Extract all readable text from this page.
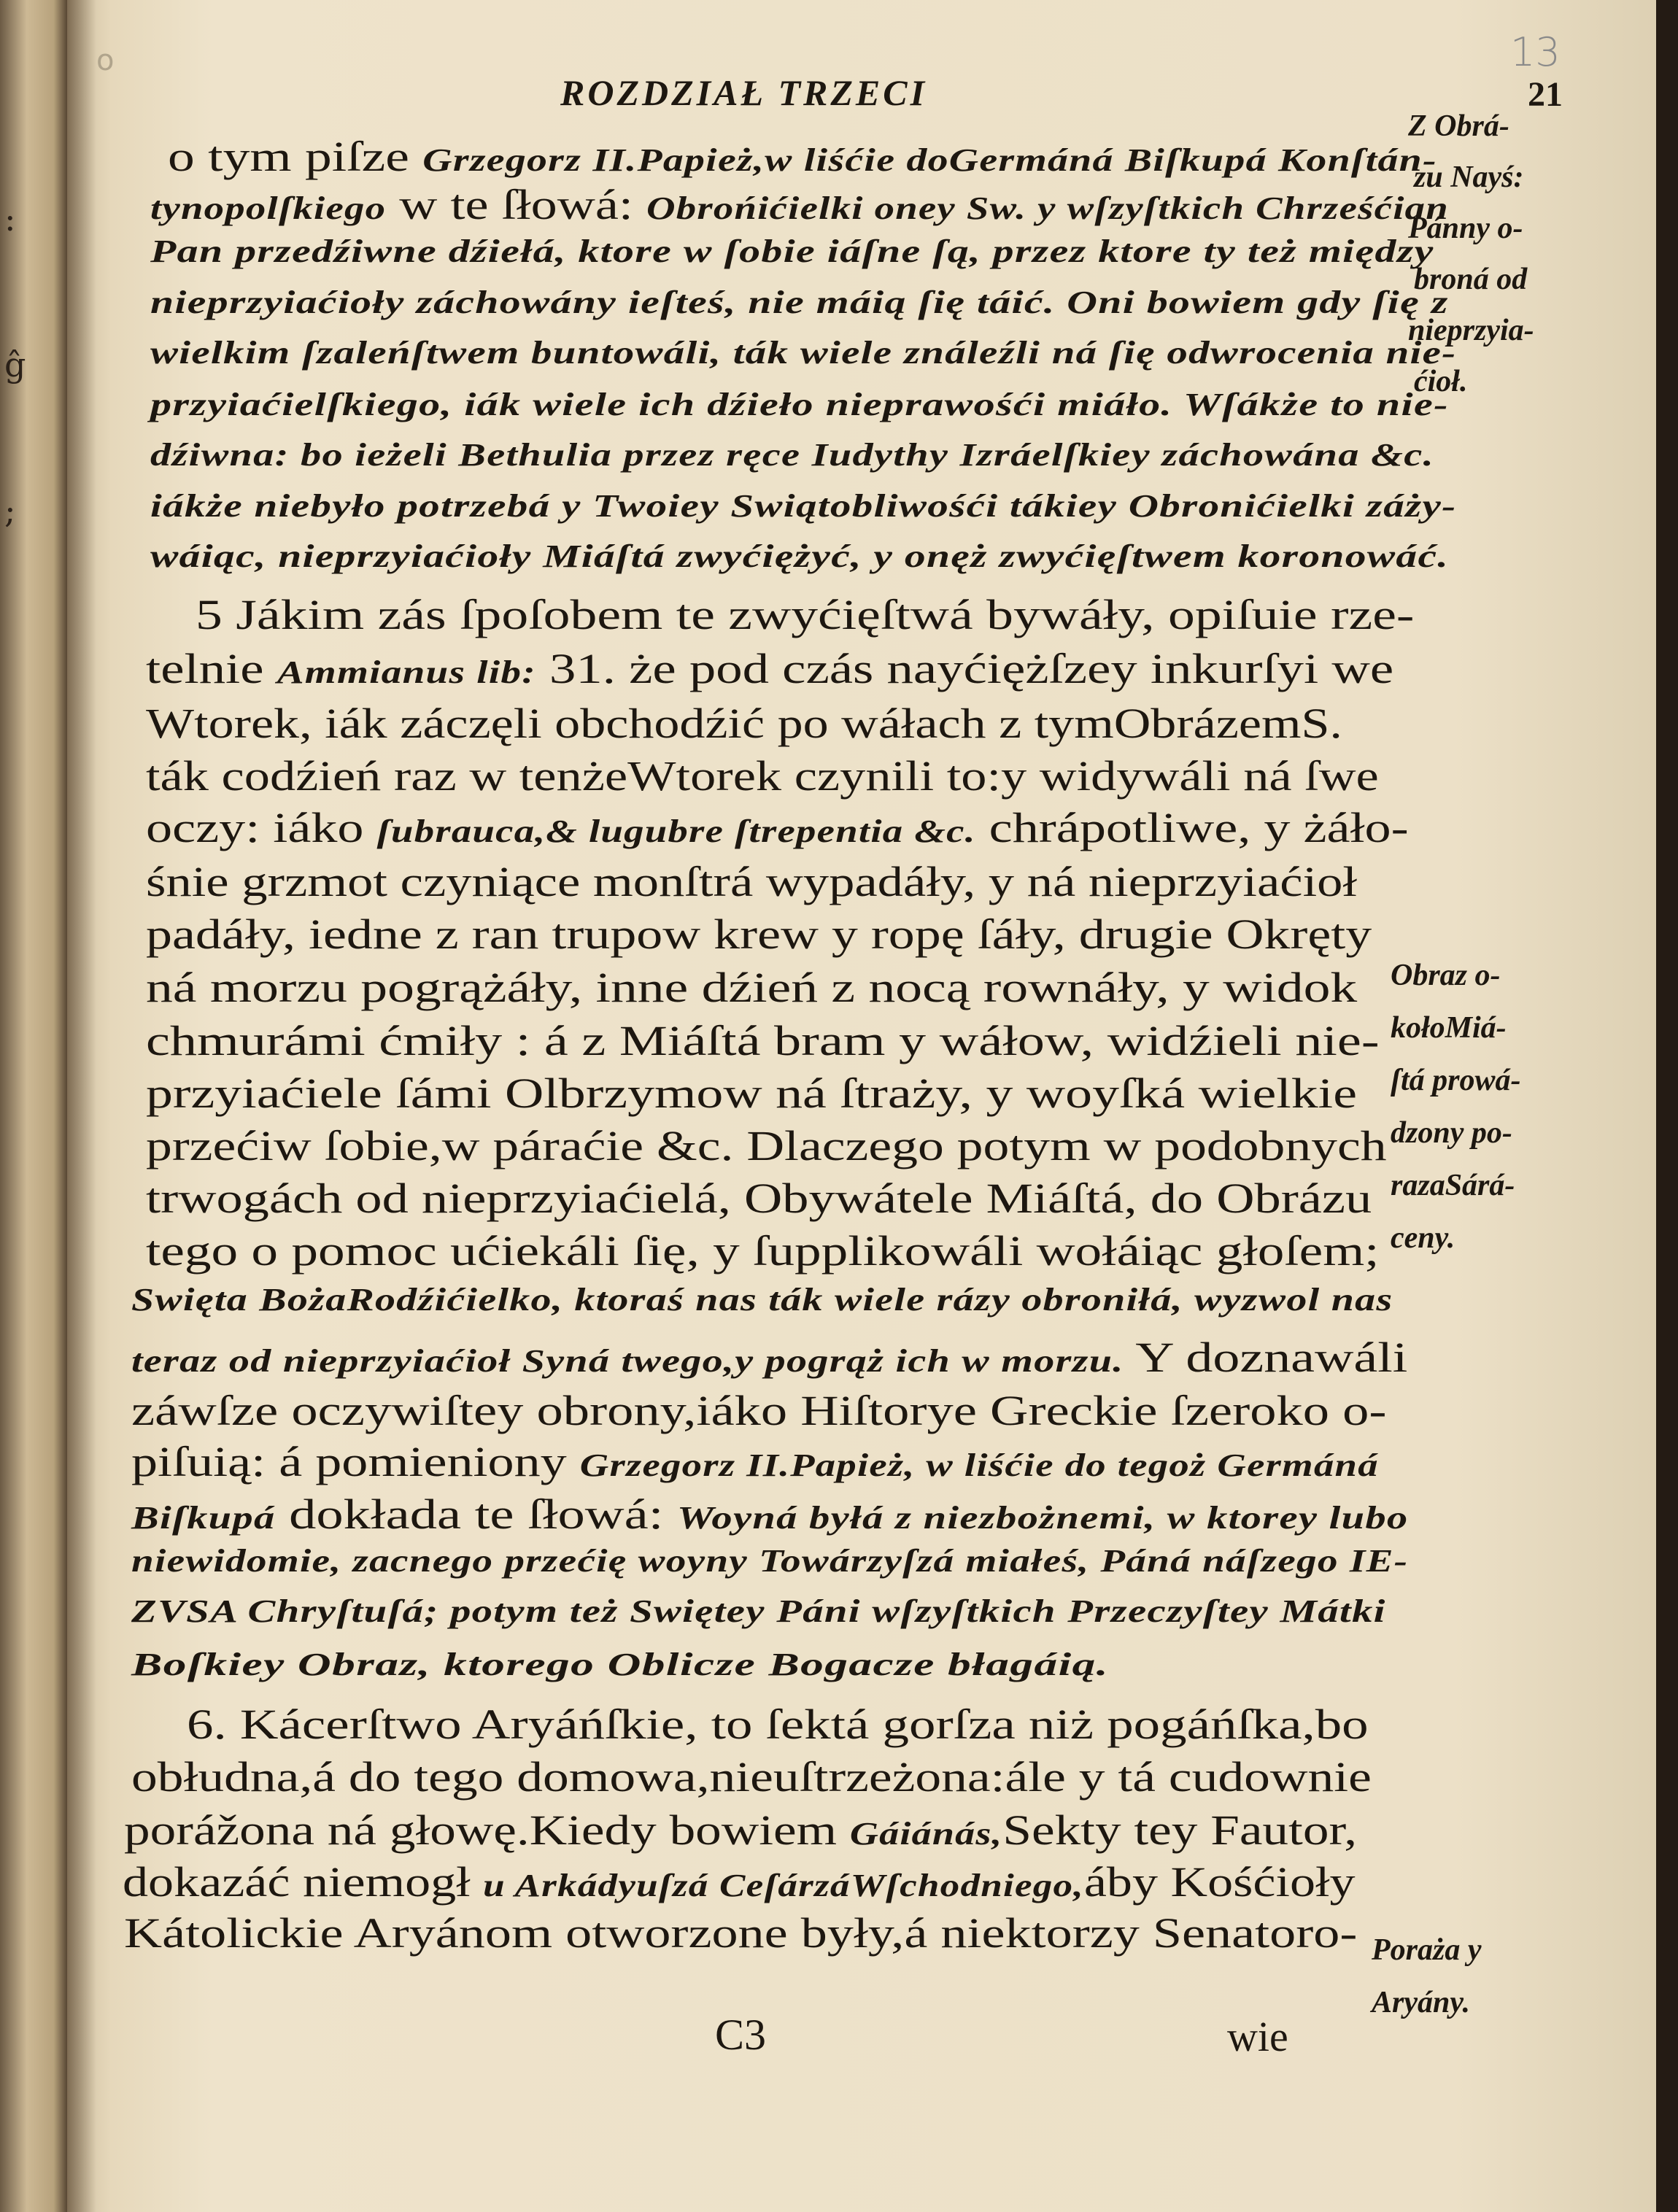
:
ĝ
;
o	13
ROZDZIAŁ TRZECI	21
o tym piſze Grzegorz II.Papież,w liśćie doGermáná Biſkupá Konſtán-
tynopolſkiego w te ſłowá: Obrońićielki oney Sw. y wſzyſtkich Chrześćian
Pan przedźiwne dźiełá, ktore w ſobie iáſne ſą, przez ktore ty też między
nieprzyiaćioły záchowány ieſteś, nie máią ſię táić. Oni bowiem gdy ſię z
wielkim ſzaleńſtwem buntowáli, ták wiele ználeźli ná ſię odwrocenia nie-
przyiaćielſkiego, iák wiele ich dźieło nieprawośći miáło. Wſákże to nie-
dźiwna: bo ieżeli Bethulia przez ręce Iudythy Izráelſkiey záchowána &c.
iákże niebyło potrzebá y Twoiey Swiątobliwośći tákiey Obronićielki záży-
wáiąc, nieprzyiaćioły Miáſtá zwyćiężyć, y onęż zwyćięſtwem koronowáć.
5 Jákim zás ſpoſobem te zwyćięſtwá bywáły, opiſuie rze-
telnie Ammianus lib: 31. że pod czás nayćiężſzey inkurſyi we
Wtorek, iák záczęli obchodźić po wáłach z tymObrázemS.
ták codźień raz w tenżeWtorek czynili to:y widywáli ná ſwe
oczy: iáko ſubrauca,& lugubre ſtrepentia &c. chrápotliwe, y żáło-
śnie grzmot czyniące monſtrá wypadáły, y ná nieprzyiaćioł
padáły, iedne z ran trupow krew y ropę ſáły, drugie Okręty
ná morzu pogrążáły, inne dźień z nocą rownáły, y widok
chmurámi ćmiły : á z Miáſtá bram y wáłow, widźieli nie-
przyiaćiele ſámi Olbrzymow ná ſtraży, y woyſká wielkie
przećiw ſobie,w páraćie &c. Dlaczego potym w podobnych
trwogách od nieprzyiaćielá, Obywátele Miáſtá, do Obrázu
tego o pomoc ućiekáli ſię, y ſupplikowáli wołáiąc głoſem;
Swięta BożaRodźićielko, ktoraś nas ták wiele rázy obroniłá, wyzwol nas
teraz od nieprzyiaćioł Syná twego,y pogrąż ich w morzu. Y doznawáli
záwſze oczywiſtey obrony,iáko Hiſtorye Greckie ſzeroko o-
piſuią: á pomieniony Grzegorz II.Papież, w liśćie do tegoż Germáná
Biſkupá dokłada te ſłowá: Woyná byłá z niezbożnemi, w ktorey lubo
niewidomie, zacnego przećię woyny Towárzyſzá miałeś, Páná náſzego IE-
ZVSA Chryſtuſá; potym też Swiętey Páni wſzyſtkich Przeczyſtey Mátki
Boſkiey Obraz, ktorego Oblicze Bogacze błagáią.
6. Kácerſtwo Aryáńſkie, to ſektá gorſza niż pogáńſka,bo
obłudna,á do tego domowa,nieuſtrzeżona:ále y tá cudownie
porážona ná głowę.Kiedy bowiem Gáiánás,Sekty tey Fautor,
dokazáć niemogł u Arkádyuſzá CeſárzáWſchodniego,áby Kośćioły
Kátolickie Aryánom otworzone były,á niektorzy Senatoro-
Z Obrá-
zu Nayś:
Pánny o-
broná od
nieprzyia-
ćioł.
Obraz o-
kołoMiá-
ſtá prowá-
dzony po-
razaSárá-
ceny.
Poraża y
Aryány.
C3	wie
